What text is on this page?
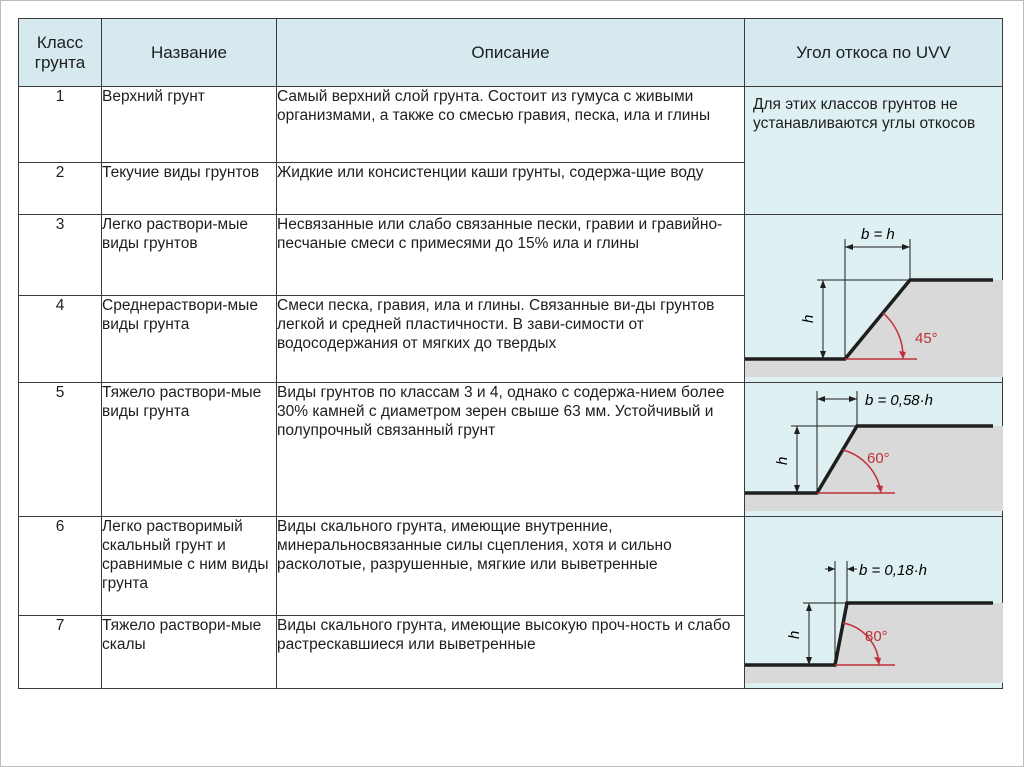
Класс грунта	Название	Описание	Угол откоса по UVV
1	Верхний грунт	Самый верхний слой грунта. Состоит из гумуса с живыми организмами, а также со смесью гравия, песка, ила и глины	Для этих классов грунтов не устанавливаются углы откосов

2	Текучие виды грунтов	Жидкие или консистенции каши грунты, содержа-щие воду	
3	Легко раствори-мые виды грунтов	Несвязанные или слабо связанные пески, гравии и гравийно-песчаные смеси с примесями до 15% ила и глины	h
b = h
45°

4	Среднераствори-мые виды грунта	Смеси песка, гравия, ила и глины. Связанные ви-ды грунтов легкой и средней пластичности. В зави-симости от водосодержания от мягких до твердых	
5	Тяжело раствори-мые виды грунта	Виды грунтов по классам 3 и 4, однако с содержа-нием более 30% камней с диаметром зерен свыше 63 мм. Устойчивый и полупрочный связанный грунт	h
b = 0,58·h
60°

6	Легко растворимый скальный грунт и сравнимые с ним виды грунта	Виды скального грунта, имеющие внутренние, минеральносвязанные силы сцепления, хотя и сильно расколотые, разрушенные, мягкие или выветренные	h
b = 0,18·h
80°

7	Тяжело раствори-мые скалы	Виды скального грунта, имеющие высокую проч-ность и слабо растрескавшиеся или выветренные	
